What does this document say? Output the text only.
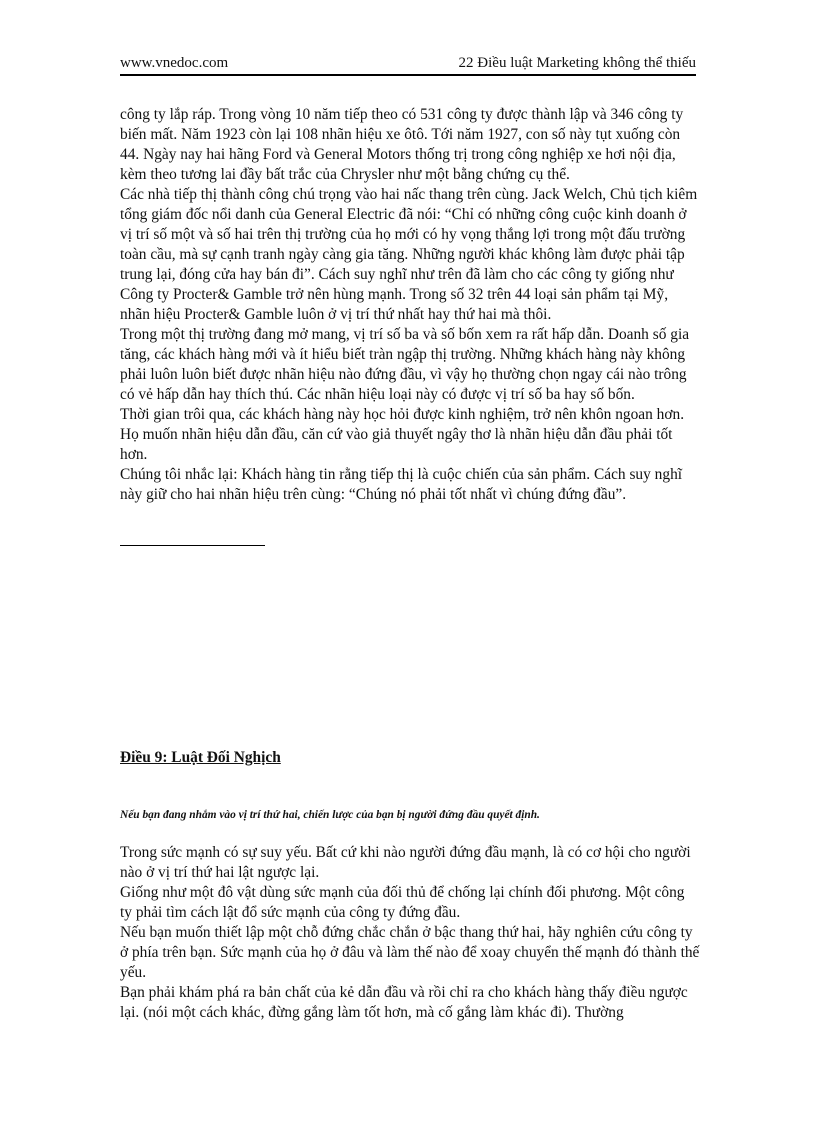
www.vnedoc.com	22 Điều luật Marketing không thể thiếu

công ty lắp ráp. Trong vòng 10 năm tiếp theo có 531 công ty được thành lập và 346 công ty biến mất. Năm 1923 còn lại 108 nhãn hiệu xe ôtô. Tới năm 1927, con số này tụt xuống còn 44. Ngày nay hai hãng Ford và General Motors thống trị trong công nghiệp xe hơi nội địa, kèm theo tương lai đầy bất trắc của Chrysler như một bằng chứng cụ thể.

Các nhà tiếp thị thành công chú trọng vào hai nấc thang trên cùng. Jack Welch, Chủ tịch kiêm tổng giám đốc nổi danh của General Electric đã nói: “Chỉ có những công cuộc kinh doanh ở vị trí số một và số hai trên thị trường của họ mới có hy vọng thắng lợi trong một đấu trường toàn cầu, mà sự cạnh tranh ngày càng gia tăng. Những người khác không làm được phải tập trung lại, đóng cửa hay bán đi”. Cách suy nghĩ như trên đã làm cho các công ty giống như Công ty Procter& Gamble trở nên hùng mạnh. Trong số 32 trên 44 loại sản phẩm tại Mỹ, nhãn hiệu Procter& Gamble luôn ở vị trí thứ nhất hay thứ hai mà thôi.

Trong một thị trường đang mở mang, vị trí số ba và số bốn xem ra rất hấp dẫn. Doanh số gia tăng, các khách hàng mới và ít hiểu biết tràn ngập thị trường. Những khách hàng này không phải luôn luôn biết được nhãn hiệu nào đứng đầu, vì vậy họ thường chọn ngay cái nào trông có vẻ hấp dẫn hay thích thú. Các nhãn hiệu loại này có được vị trí số ba hay số bốn.

Thời gian trôi qua, các khách hàng này học hỏi được kinh nghiệm, trở nên khôn ngoan hơn. Họ muốn nhãn hiệu dẫn đầu, căn cứ vào giả thuyết ngây thơ là nhãn hiệu dẫn đầu phải tốt hơn.

Chúng tôi nhắc lại: Khách hàng tin rằng tiếp thị là cuộc chiến của sản phẩm. Cách suy nghĩ này giữ cho hai nhãn hiệu trên cùng: “Chúng nó phải tốt nhất vì chúng đứng đầu”.

Điều 9: Luật Đối Nghịch
Nếu bạn đang nhắm vào vị trí thứ hai, chiến lược của bạn bị người đứng đầu quyết định.

Trong sức mạnh có sự suy yếu. Bất cứ khi nào người đứng đầu mạnh, là có cơ hội cho người nào ở vị trí thứ hai lật ngược lại.

Giống như một đô vật dùng sức mạnh của đối thủ để chống lại chính đối phương. Một công ty phải tìm cách lật đổ sức mạnh của công ty đứng đầu.

Nếu bạn muốn thiết lập một chỗ đứng chắc chắn ở bậc thang thứ hai, hãy nghiên cứu công ty ở phía trên bạn. Sức mạnh của họ ở đâu và làm thế nào để xoay chuyển thế mạnh đó thành thế yếu.

Bạn phải khám phá ra bản chất của kẻ dẫn đầu và rồi chỉ ra cho khách hàng thấy điều ngược lại. (nói một cách khác, đừng gắng làm tốt hơn, mà cố gắng làm khác đi). Thường
